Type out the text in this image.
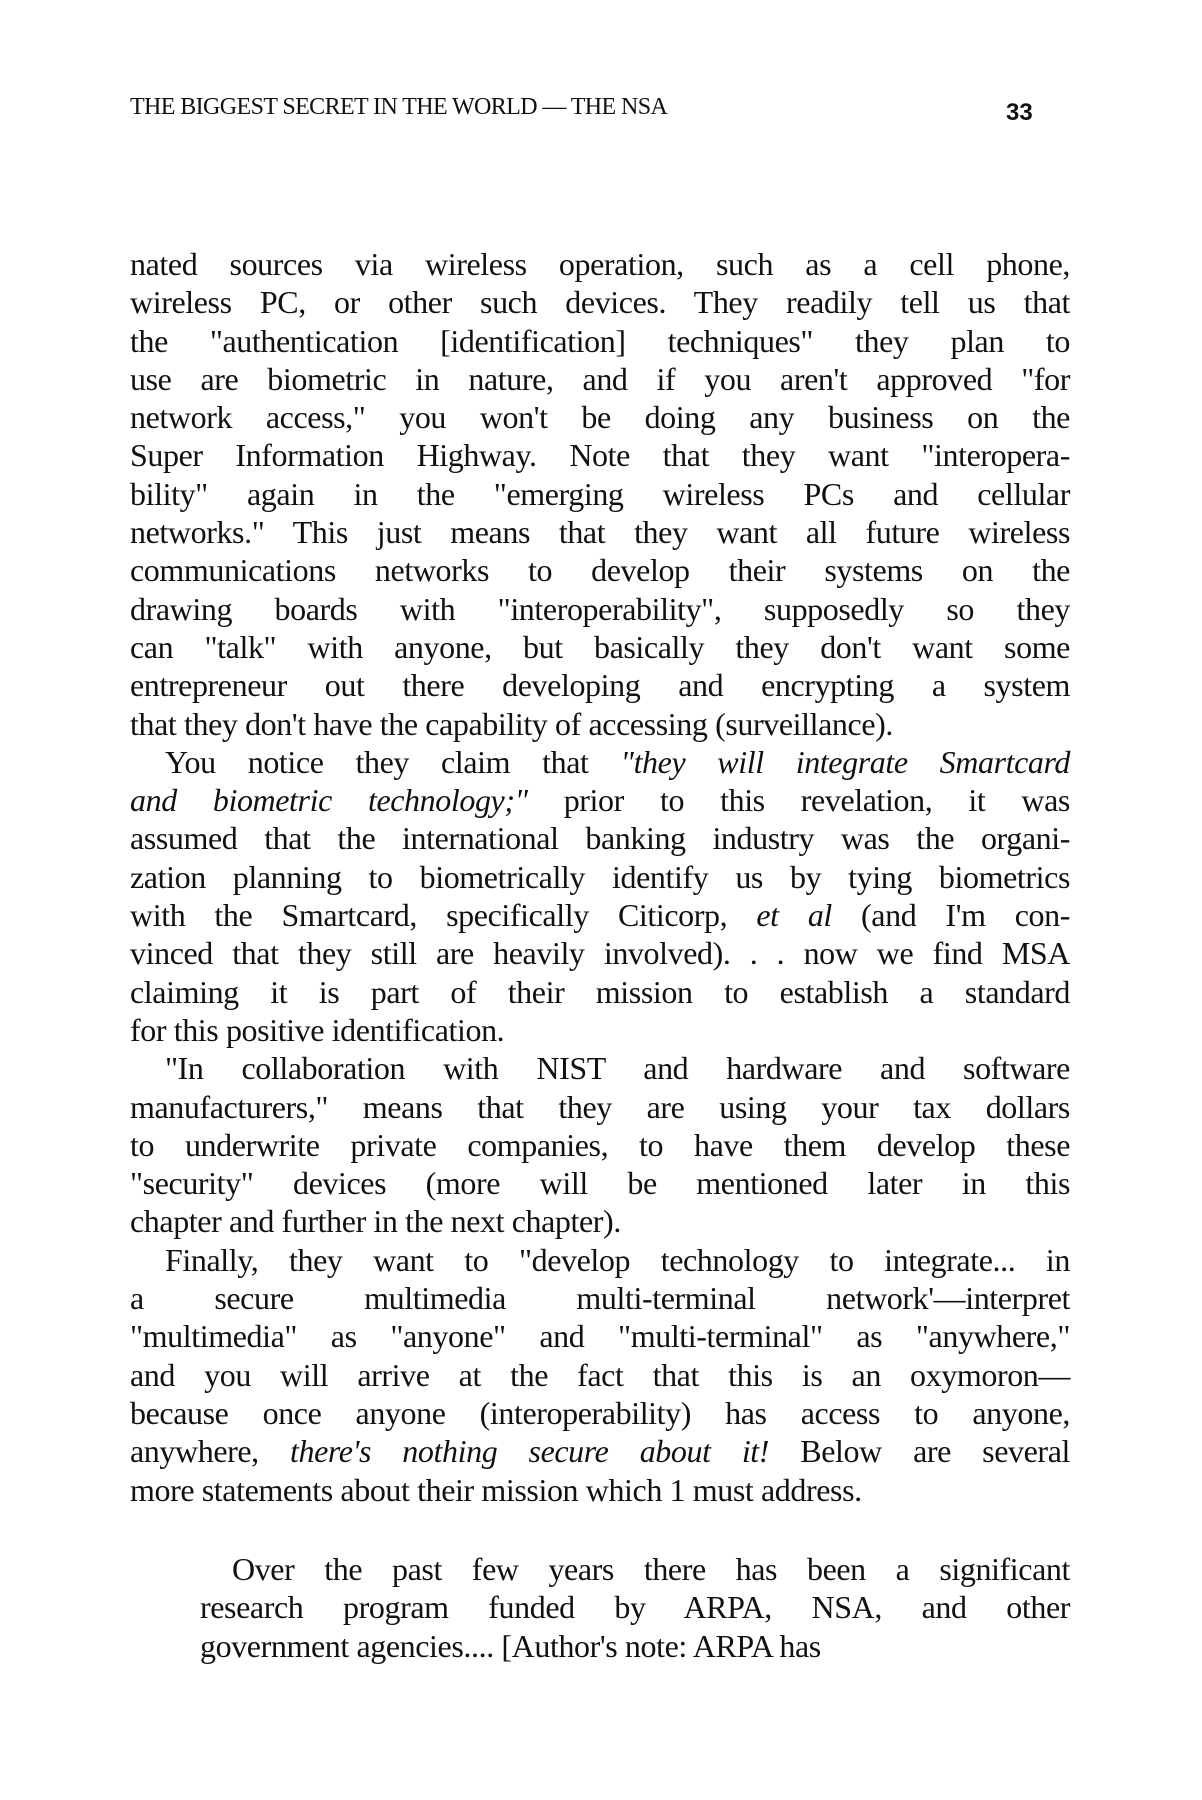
THE BIGGEST SECRET IN THE WORLD — THE NSA	33
nated sources via wireless operation, such as a cell phone,
wireless PC, or other such devices. They readily tell us that
the "authentication [identification] techniques" they plan to
use are biometric in nature, and if you aren't approved "for
network access," you won't be doing any business on the
Super Information Highway. Note that they want "interopera-
bility" again in the "emerging wireless PCs and cellular
networks." This just means that they want all future wireless
communications networks to develop their systems on the
drawing boards with "interoperability", supposedly so they
can "talk" with anyone, but basically they don't want some
entrepreneur out there developing and encrypting a system
that they don't have the capability of accessing (surveillance).
You notice they claim that "they will integrate Smartcard
and biometric technology;" prior to this revelation, it was
assumed that the international banking industry was the organi-
zation planning to biometrically identify us by tying biometrics
with the Smartcard, specifically Citicorp, et al (and I'm con-
vinced that they still are heavily involved). . . now we find MSA
claiming it is part of their mission to establish a standard
for this positive identification.
"In collaboration with NIST and hardware and software
manufacturers," means that they are using your tax dollars
to underwrite private companies, to have them develop these
"security" devices (more will be mentioned later in this
chapter and further in the next chapter).
Finally, they want to "develop technology to integrate... in
a secure multimedia multi-terminal network'—interpret
"multimedia" as "anyone" and "multi-terminal" as "anywhere,"
and you will arrive at the fact that this is an oxymoron—
because once anyone (interoperability) has access to anyone,
anywhere, there's nothing secure about it! Below are several
more statements about their mission which 1 must address.
Over the past few years there has been a significant
research program funded by ARPA, NSA, and other
government agencies.... [Author's note: ARPA has
